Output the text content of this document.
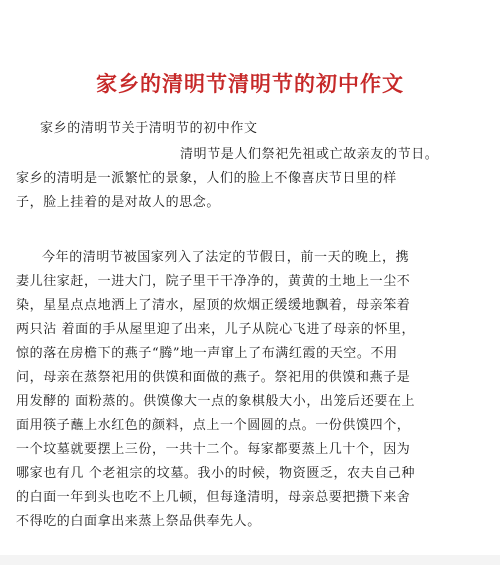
家乡的清明节清明节的初中作文
家乡的清明节关于清明节的初中作文
清明节是人们祭祀先祖或亡故亲友的节日。
家乡的清明是一派繁忙的景象，人们的脸上不像喜庆节日里的样
子，脸上挂着的是对故人的思念。
今年的清明节被国家列入了法定的节假日，前一天的晚上，携
妻儿往家赶，一进大门，院子里干干净净的，黄黄的土地上一尘不
染，星星点点地洒上了清水，屋顶的炊烟正缓缓地飘着，母亲笨着
两只沾 着面的手从屋里迎了出来，儿子从院心飞进了母亲的怀里，
惊的落在房檐下的燕子“腾”地一声窜上了布满红霞的天空。不用
问，母亲在蒸祭祀用的供馍和面做的燕子。祭祀用的供馍和燕子是
用发酵的 面粉蒸的。供馍像大一点的象棋般大小，出笼后还要在上
面用筷子蘸上水红色的颜料，点上一个圆圆的点。一份供馍四个，
一个坟墓就要摆上三份，一共十二个。每家都要蒸上几十个，因为
哪家也有几 个老祖宗的坟墓。我小的时候，物资匮乏，农夫自己种
的白面一年到头也吃不上几顿，但每逢清明，母亲总要把攒下来舍
不得吃的白面拿出来蒸上祭品供奉先人。
